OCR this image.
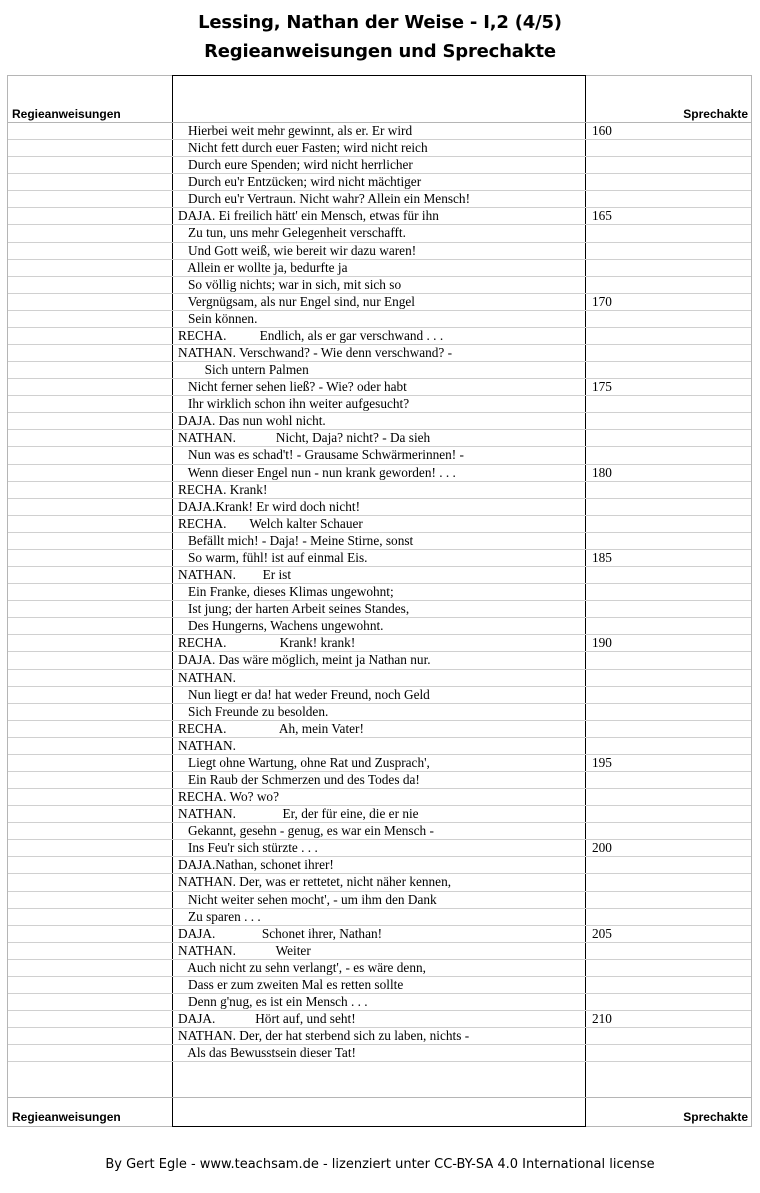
Lessing, Nathan der Weise - I,2 (4/5)
Regieanweisungen und Sprechakte
Regieanweisungen	Sprechakte
Hierbei weit mehr gewinnt, als er. Er wird	160
Nicht fett durch euer Fasten; wird nicht reich
Durch eure Spenden; wird nicht herrlicher
Durch eu'r Entzücken; wird nicht mächtiger
Durch eu'r Vertraun. Nicht wahr? Allein ein Mensch!
DAJA. Ei freilich hätt' ein Mensch, etwas für ihn	165
Zu tun, uns mehr Gelegenheit verschafft.
Und Gott weiß, wie bereit wir dazu waren!
Allein er wollte ja, bedurfte ja
So völlig nichts; war in sich, mit sich so
Vergnügsam, als nur Engel sind, nur Engel	170
Sein können.
RECHA.          Endlich, als er gar verschwand . . .
NATHAN. Verschwand? - Wie denn verschwand? -
Sich untern Palmen
Nicht ferner sehen ließ? - Wie? oder habt	175
Ihr wirklich schon ihn weiter aufgesucht?
DAJA. Das nun wohl nicht.
NATHAN.            Nicht, Daja? nicht? - Da sieh
Nun was es schad't! - Grausame Schwärmerinnen! -
Wenn dieser Engel nun - nun krank geworden! . . .	180
RECHA. Krank!
DAJA.Krank! Er wird doch nicht!
RECHA.       Welch kalter Schauer
Befällt mich! - Daja! - Meine Stirne, sonst
So warm, fühl! ist auf einmal Eis.	185
NATHAN.        Er ist
Ein Franke, dieses Klimas ungewohnt;
Ist jung; der harten Arbeit seines Standes,
Des Hungerns, Wachens ungewohnt.
RECHA.                Krank! krank!	190
DAJA. Das wäre möglich, meint ja Nathan nur.
NATHAN.
Nun liegt er da! hat weder Freund, noch Geld
Sich Freunde zu besolden.
RECHA.                Ah, mein Vater!
NATHAN.
Liegt ohne Wartung, ohne Rat und Zusprach',	195
Ein Raub der Schmerzen und des Todes da!
RECHA. Wo? wo?
NATHAN.              Er, der für eine, die er nie
Gekannt, gesehn - genug, es war ein Mensch -
Ins Feu'r sich stürzte . . .	200
DAJA.Nathan, schonet ihrer!
NATHAN. Der, was er rettetet, nicht näher kennen,
Nicht weiter sehen mocht', - um ihm den Dank
Zu sparen . . .
DAJA.              Schonet ihrer, Nathan!	205
NATHAN.            Weiter
Auch nicht zu sehn verlangt', - es wäre denn,
Dass er zum zweiten Mal es retten sollte
Denn g'nug, es ist ein Mensch . . .
DAJA.            Hört auf, und seht!	210
NATHAN. Der, der hat sterbend sich zu laben, nichts -
Als das Bewusstsein dieser Tat!
Regieanweisungen	Sprechakte
By Gert Egle - www.teachsam.de - lizenziert unter CC-BY-SA 4.0 International license
